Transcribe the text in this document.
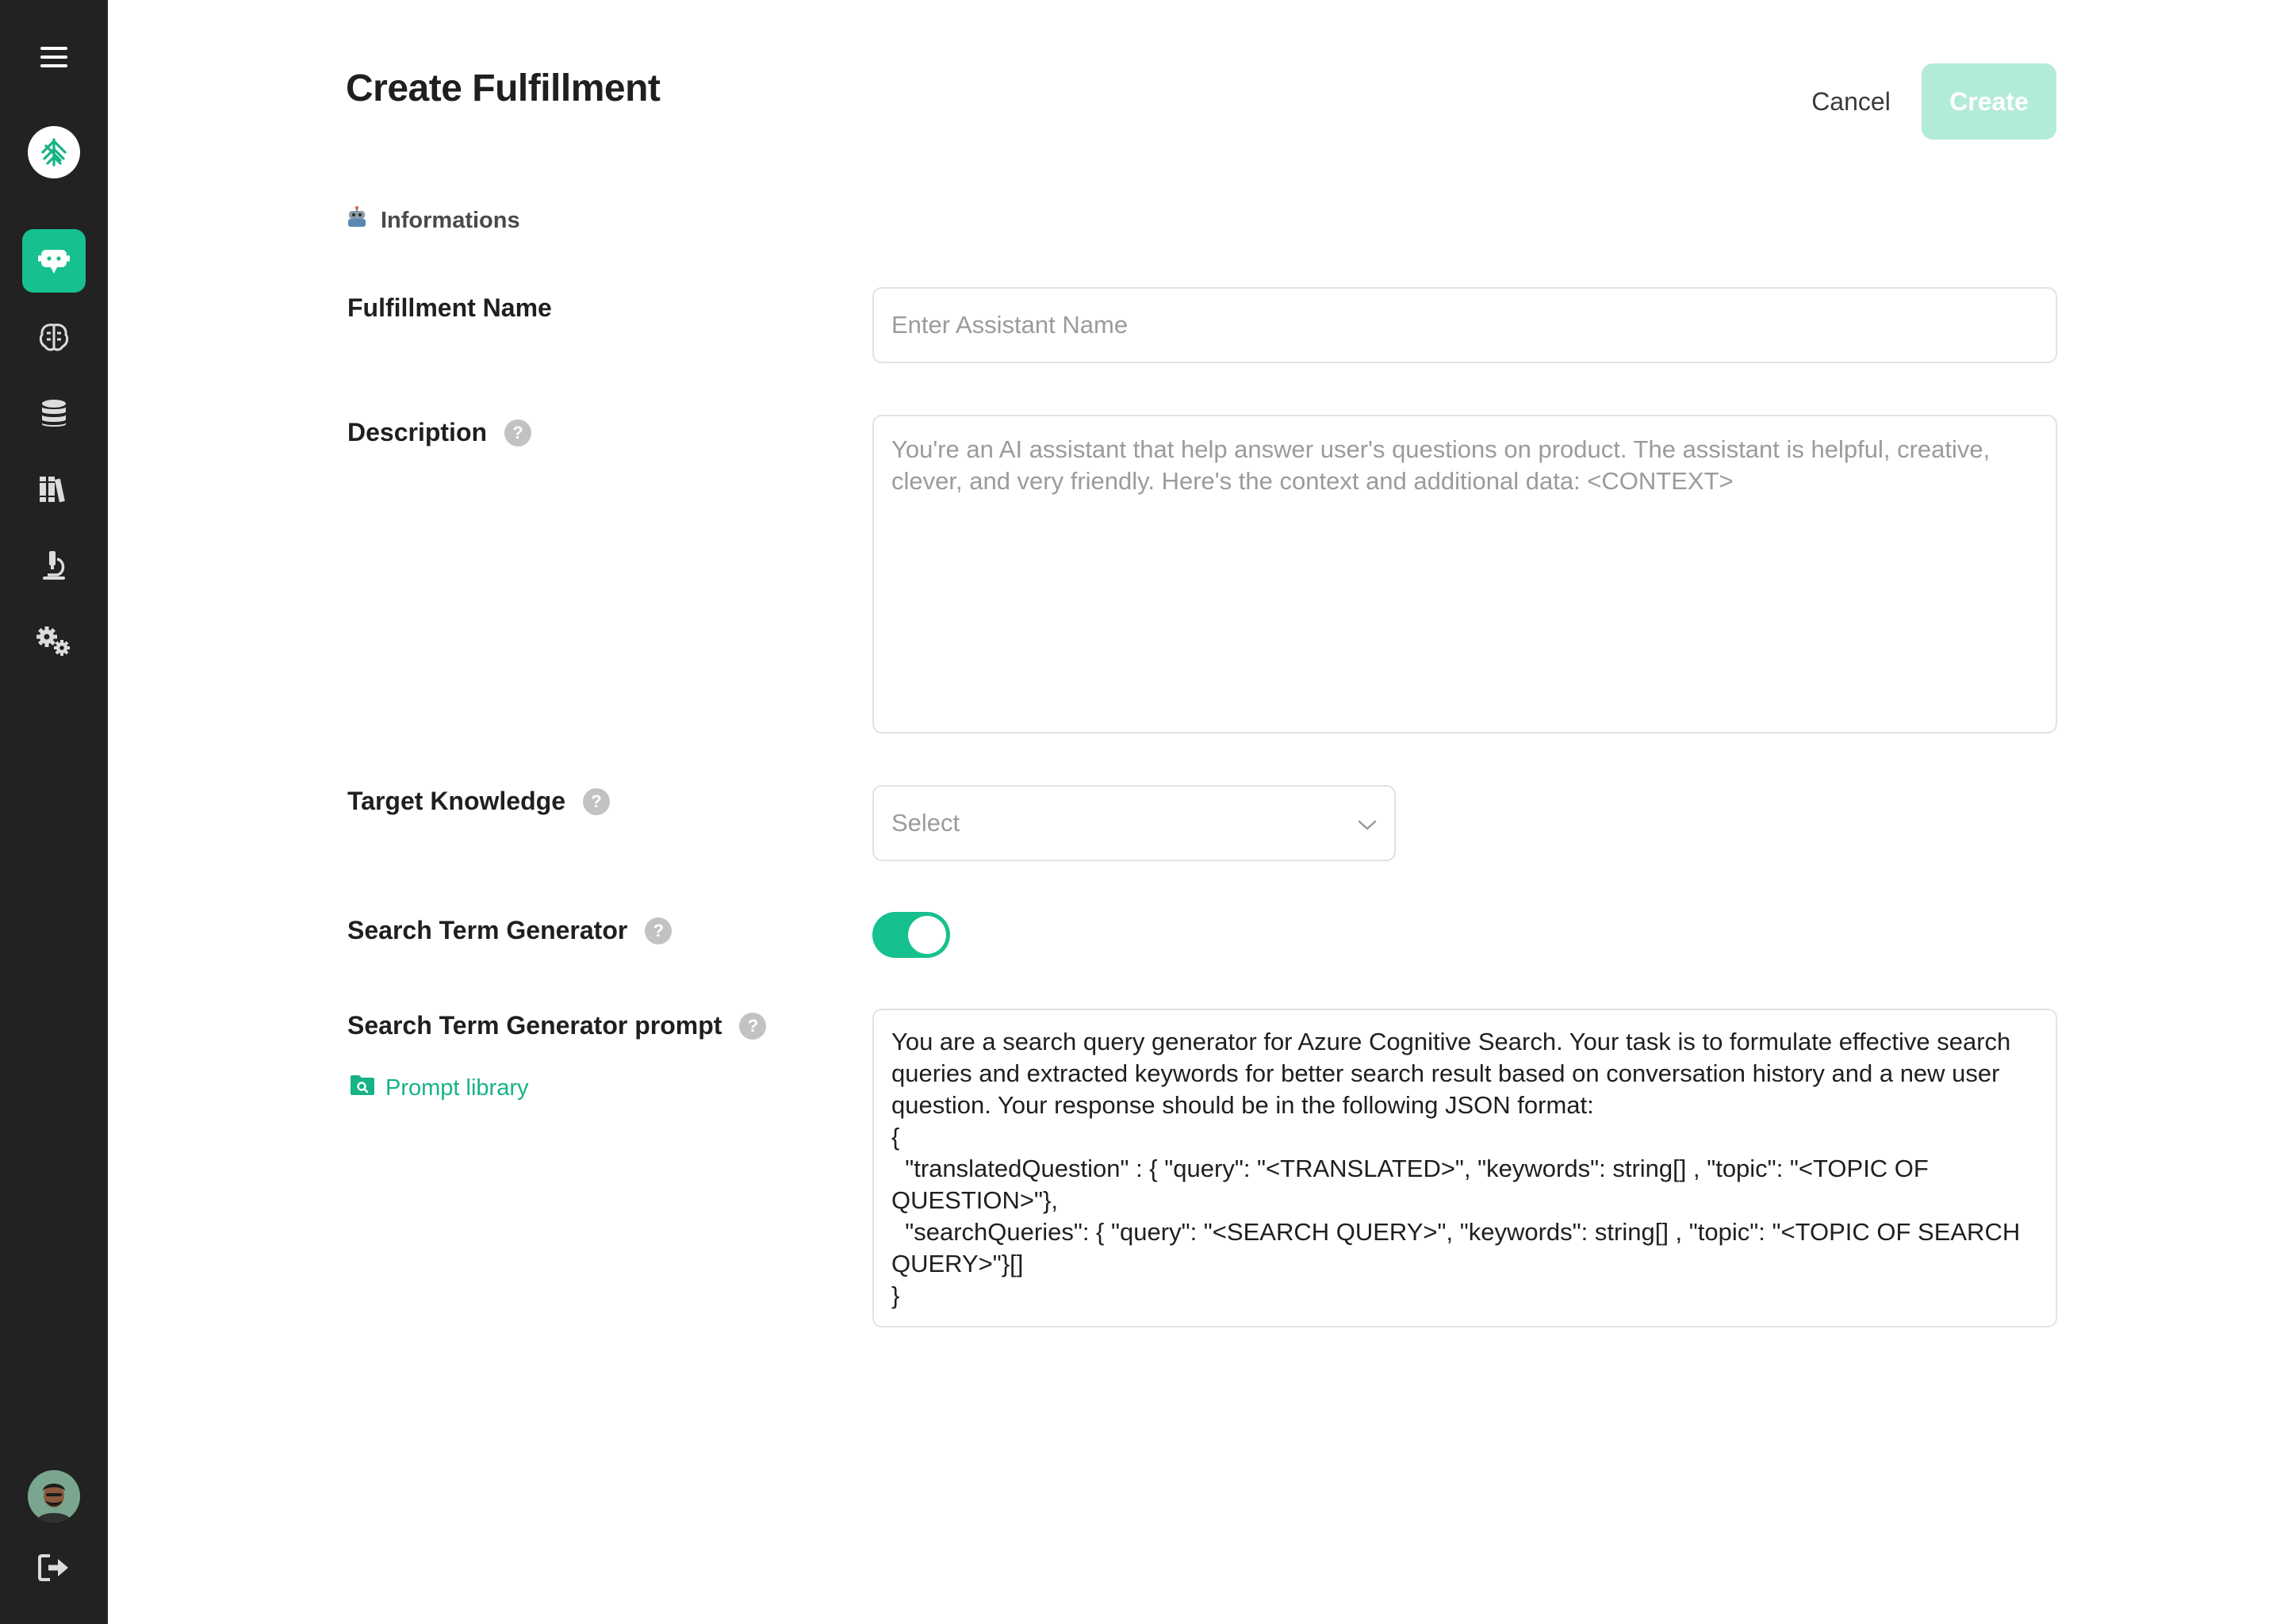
Create Fulfillment	Cancel	Create
Informations
Fulfillment Name
Enter Assistant Name
Description	?
You're an AI assistant that help answer user's questions on product. The assistant is helpful, creative, clever, and very friendly. Here's the context and additional data: <CONTEXT>
Target Knowledge	?
Select
Search Term Generator	?
Search Term Generator prompt	?
Prompt library
You are a search query generator for Azure Cognitive Search. Your task is to formulate effective search queries and extracted keywords for better search result based on conversation history and a new user question. Your response should be in the following JSON format: { "translatedQuestion" : { "query": "<TRANSLATED>", "keywords": string[] , "topic": "<TOPIC OF QUESTION>"}, "searchQueries": { "query": "<SEARCH QUERY>", "keywords": string[] , "topic": "<TOPIC OF SEARCH QUERY>"}[] }
